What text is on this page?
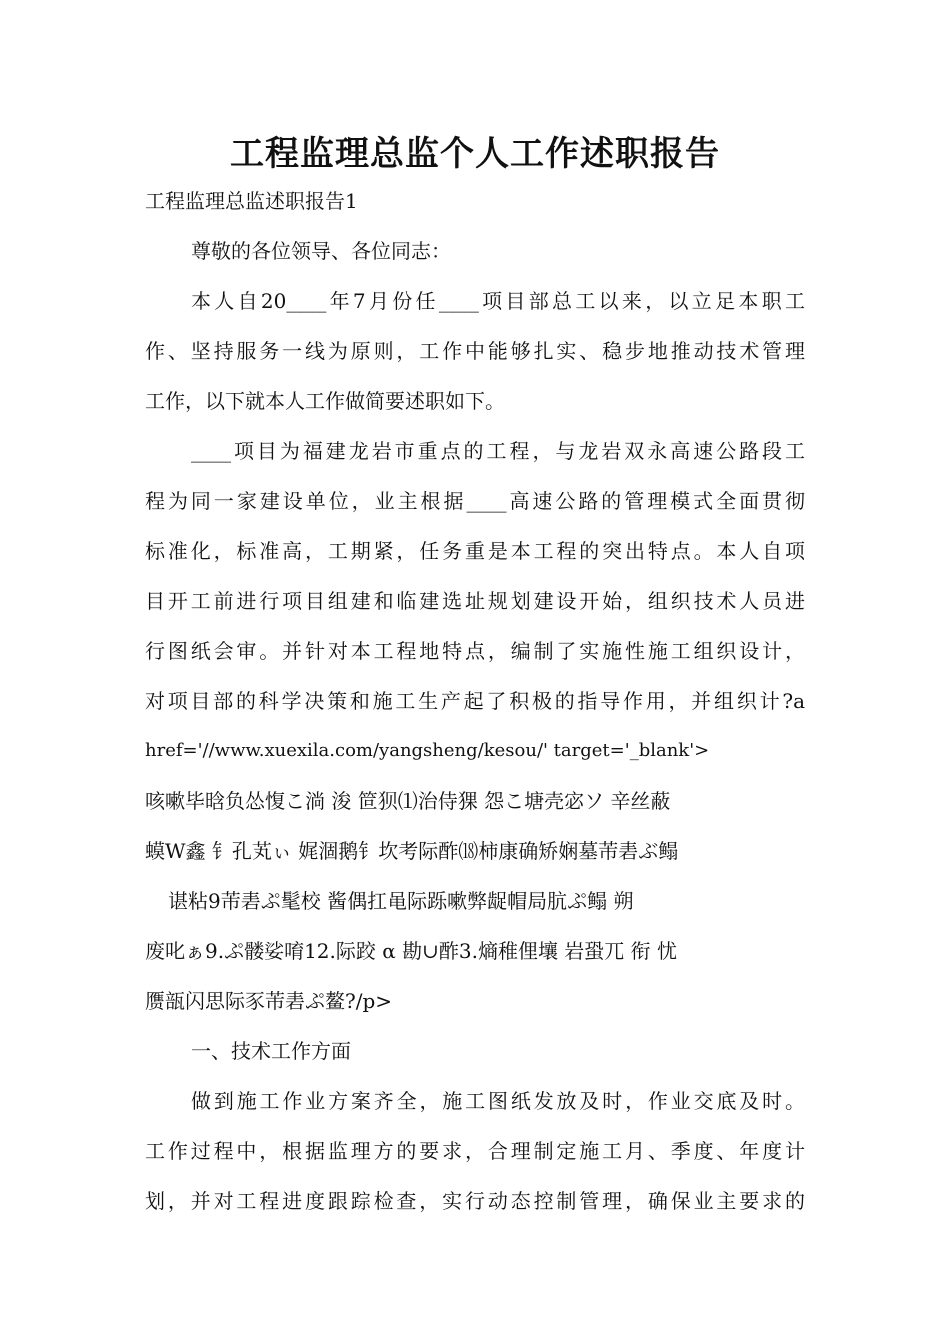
工程监理总监个人工作述职报告

工程监理总监述职报告1

尊敬的各位领导、各位同志：

本人自20____年7月份任____项目部总工以来，以立足本职工

作、坚持服务一线为原则，工作中能够扎实、稳步地推动技术管理

工作，以下就本人工作做简要述职如下。

____项目为福建龙岩市重点的工程，与龙岩双永高速公路段工

程为同一家建设单位，业主根据____高速公路的管理模式全面贯彻

标准化，标准高，工期紧，任务重是本工程的突出特点。本人自项

目开工前进行项目组建和临建选址规划建设开始，组织技术人员进

行图纸会审。并针对本工程地特点，编制了实施性施工组织设计，

对项目部的科学决策和施工生产起了积极的指导作用，并组织计?a

href='//www.xuexila.com/yangsheng/kesou/' target='_blank'>

咳嗽毕晗负怂愎こ淌 浚 笸狈⑴治侍猓 怨こ塘壳宓ソ 辛丝蔽

蟆W鑫 钅孔芄ぃ 娓涸鹅钅坎考际酢⒅柿康确矫娴墓芾砉ぶ鳎

谌粘9芾砉ぷ髦校 酱偶扛黾际跞嗽弊龊帽局肮ぷ鳎 朔

废叱ぁ9.ぷ髅娑唷12.际跤 α 勘∪酢3.熵稚俚壤 岩蛩兀 衔 忧

赝瓿闪思际豕芾砉ぷ鳌?/p>

一、技术工作方面

做到施工作业方案齐全，施工图纸发放及时，作业交底及时。

工作过程中，根据监理方的要求，合理制定施工月、季度、年度计

划，并对工程进度跟踪检查，实行动态控制管理，确保业主要求的
